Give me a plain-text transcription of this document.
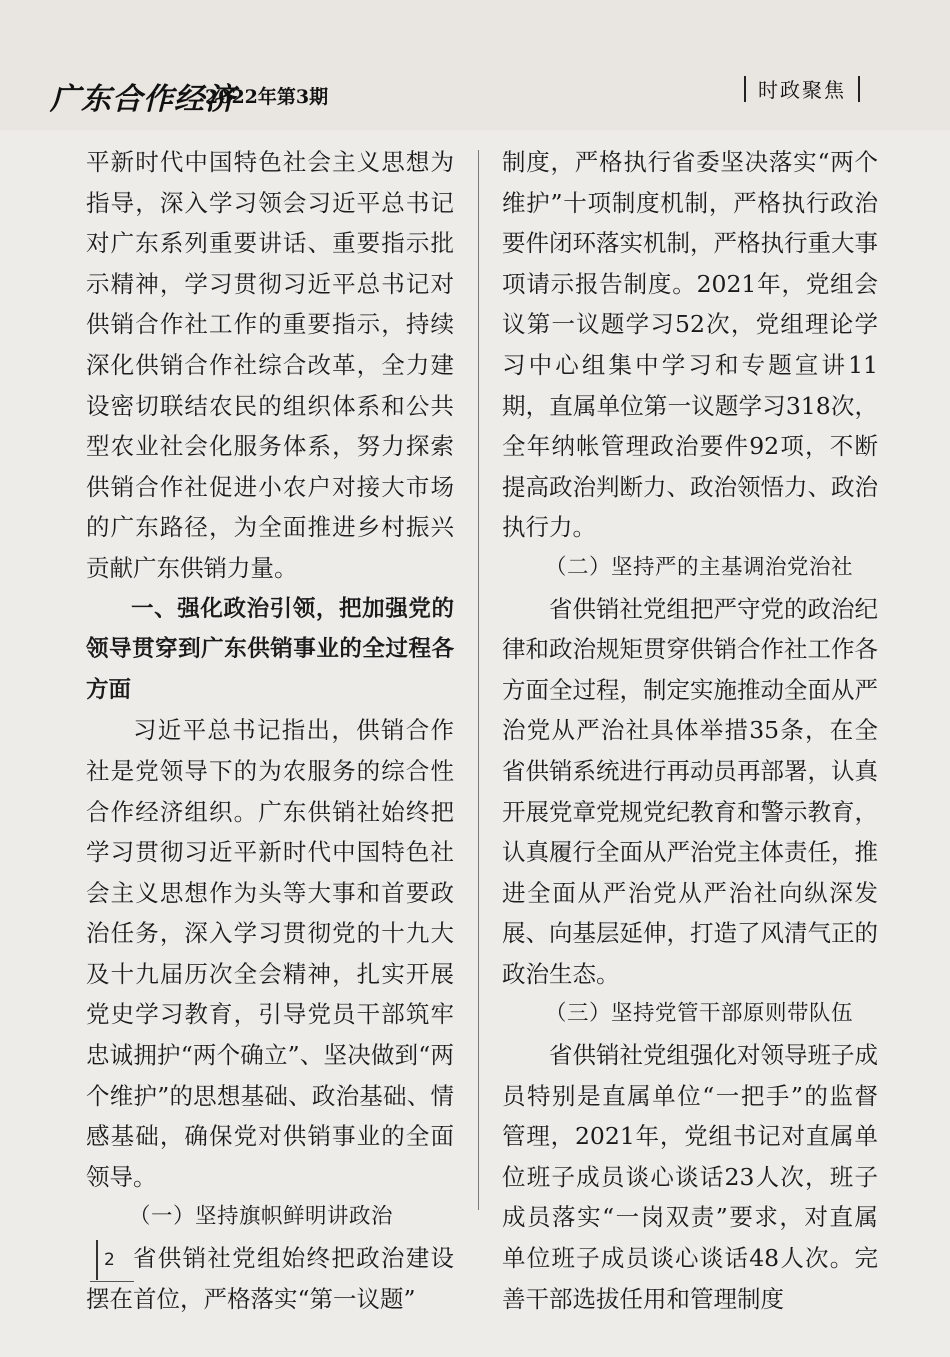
广东合作经济
2022年第3期	时政聚焦

平新时代中国特色社会主义思想为指导，深入学习领会习近平总书记对广东系列重要讲话、重要指示批示精神，学习贯彻习近平总书记对供销合作社工作的重要指示，持续深化供销合作社综合改革，全力建设密切联结农民的组织体系和公共型农业社会化服务体系，努力探索供销合作社促进小农户对接大市场的广东路径，为全面推进乡村振兴贡献广东供销力量。

一、强化政治引领，把加强党的领导贯穿到广东供销事业的全过程各方面

习近平总书记指出，供销合作社是党领导下的为农服务的综合性合作经济组织。广东供销社始终把学习贯彻习近平新时代中国特色社会主义思想作为头等大事和首要政治任务，深入学习贯彻党的十九大及十九届历次全会精神，扎实开展党史学习教育，引导党员干部筑牢忠诚拥护“两个确立”、坚决做到“两个维护”的思想基础、政治基础、情感基础，确保党对供销事业的全面领导。

（一）坚持旗帜鲜明讲政治

省供销社党组始终把政治建设摆在首位，严格落实“第一议题”

制度，严格执行省委坚决落实“两个维护”十项制度机制，严格执行政治要件闭环落实机制，严格执行重大事项请示报告制度。2021年，党组会议第一议题学习52次，党组理论学习中心组集中学习和专题宣讲11期，直属单位第一议题学习318次，全年纳帐管理政治要件92项，不断提高政治判断力、政治领悟力、政治执行力。

（二）坚持严的主基调治党治社

省供销社党组把严守党的政治纪律和政治规矩贯穿供销合作社工作各方面全过程，制定实施推动全面从严治党从严治社具体举措35条，在全省供销系统进行再动员再部署，认真开展党章党规党纪教育和警示教育，认真履行全面从严治党主体责任，推进全面从严治党从严治社向纵深发展、向基层延伸，打造了风清气正的政治生态。

（三）坚持党管干部原则带队伍

省供销社党组强化对领导班子成员特别是直属单位“一把手”的监督管理，2021年，党组书记对直属单位班子成员谈心谈话23人次，班子成员落实“一岗双责”要求，对直属单位班子成员谈心谈话48人次。完善干部选拔任用和管理制度

2
